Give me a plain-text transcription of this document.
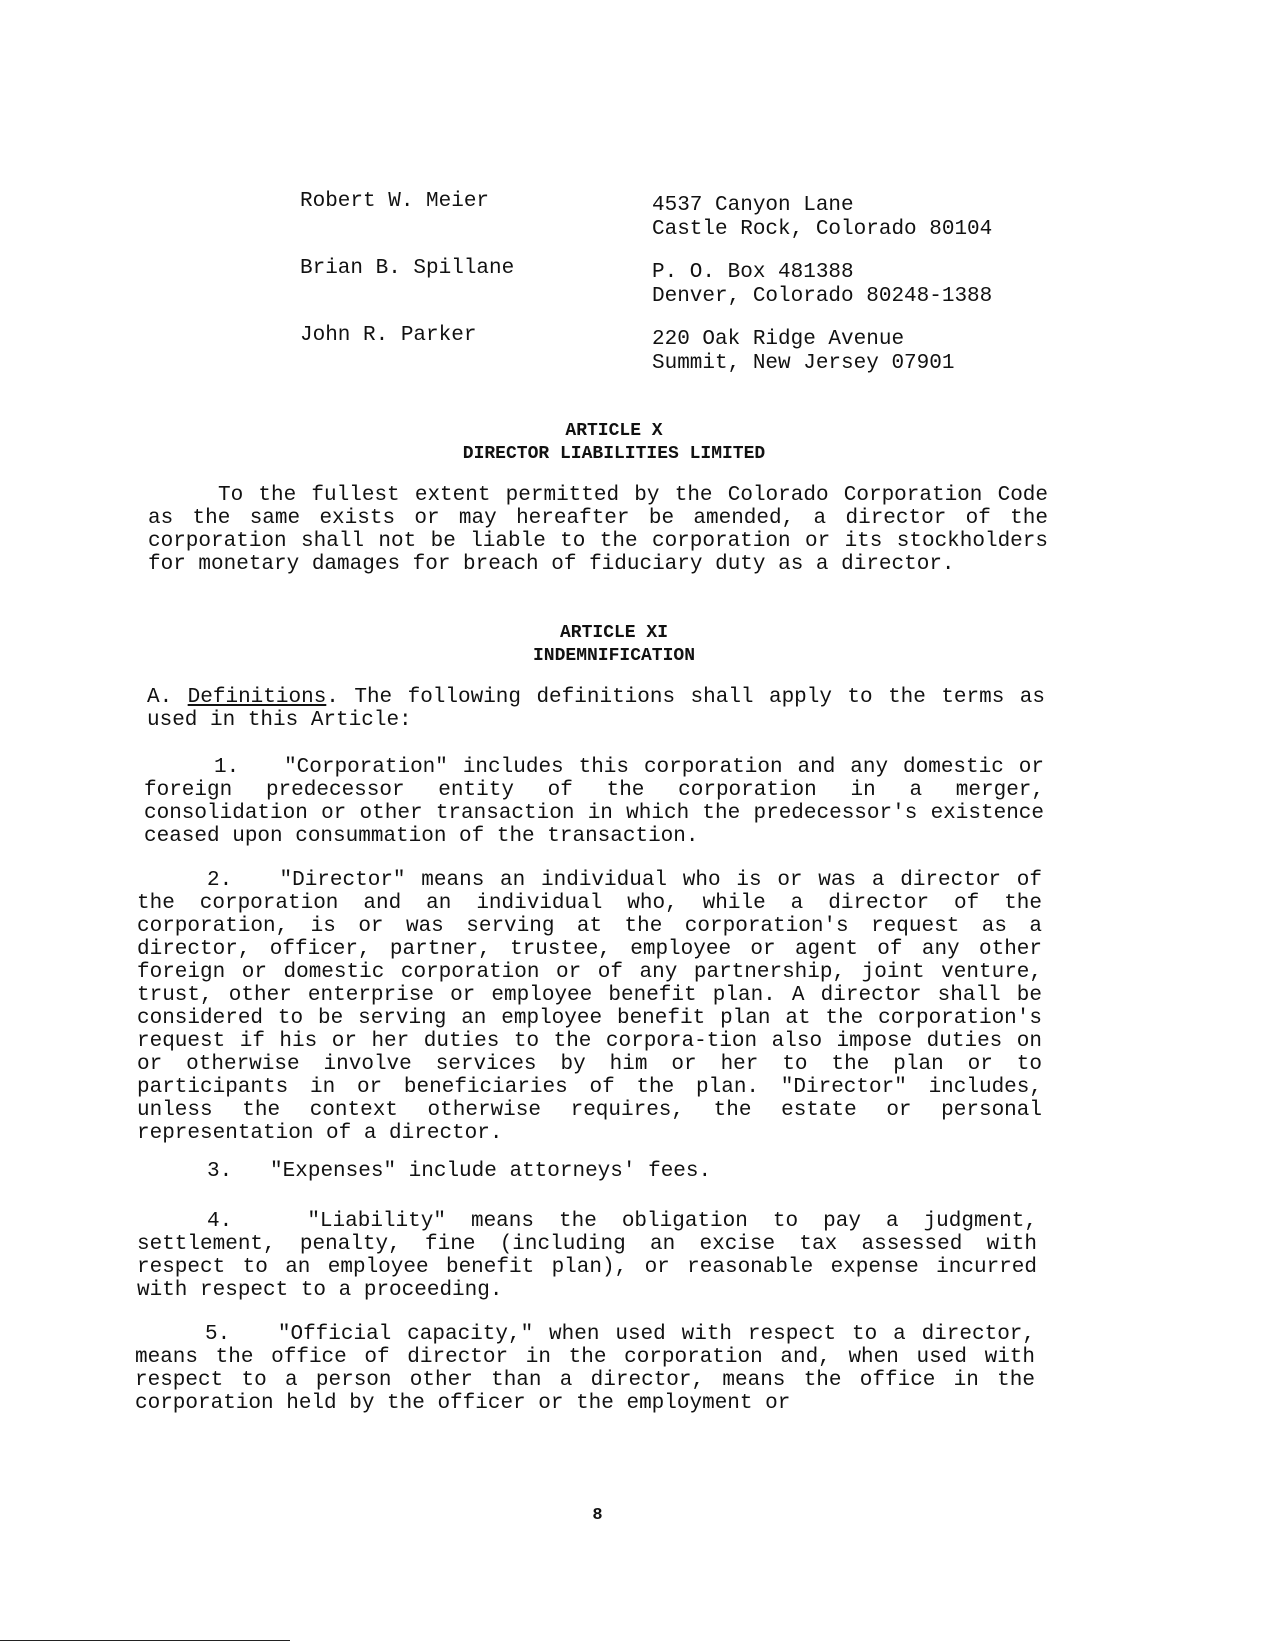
Robert W. Meier	4537 Canyon Lane
Castle Rock, Colorado 80104
Brian B. Spillane	P. O. Box 481388
Denver, Colorado 80248-1388
John R. Parker	220 Oak Ridge Avenue
Summit, New Jersey 07901
ARTICLE X
DIRECTOR LIABILITIES LIMITED
To the fullest extent permitted by the Colorado Corporation Code as the same exists or may hereafter be amended, a director of the corporation shall not be liable to the corporation or its stockholders for monetary damages for breach of fiduciary duty as a director.
ARTICLE XI
INDEMNIFICATION
A. Definitions. The following definitions shall apply to the terms as used in this Article:
1. "Corporation" includes this corporation and any domestic or foreign predecessor entity of the corporation in a merger, consolidation or other transaction in which the predecessor's existence ceased upon consummation of the transaction.
2. "Director" means an individual who is or was a director of the corporation and an individual who, while a director of the corporation, is or was serving at the corporation's request as a director, officer, partner, trustee, employee or agent of any other foreign or domestic corporation or of any partnership, joint venture, trust, other enterprise or employee benefit plan. A director shall be considered to be serving an employee benefit plan at the corporation's request if his or her duties to the corpora-tion also impose duties on or otherwise involve services by him or her to the plan or to participants in or beneficiaries of the plan. "Director" includes, unless the context otherwise requires, the estate or personal representation of a director.
3. "Expenses" include attorneys' fees.
4.	"Liability" means the obligation to pay a judgment, settlement, penalty, fine (including an excise tax assessed with respect to an employee benefit plan), or reasonable expense incurred with respect to a proceeding.
5. "Official capacity," when used with respect to a director, means the office of director in the corporation and, when used with respect to a person other than a director, means the office in the corporation held by the officer or the employment or
8
